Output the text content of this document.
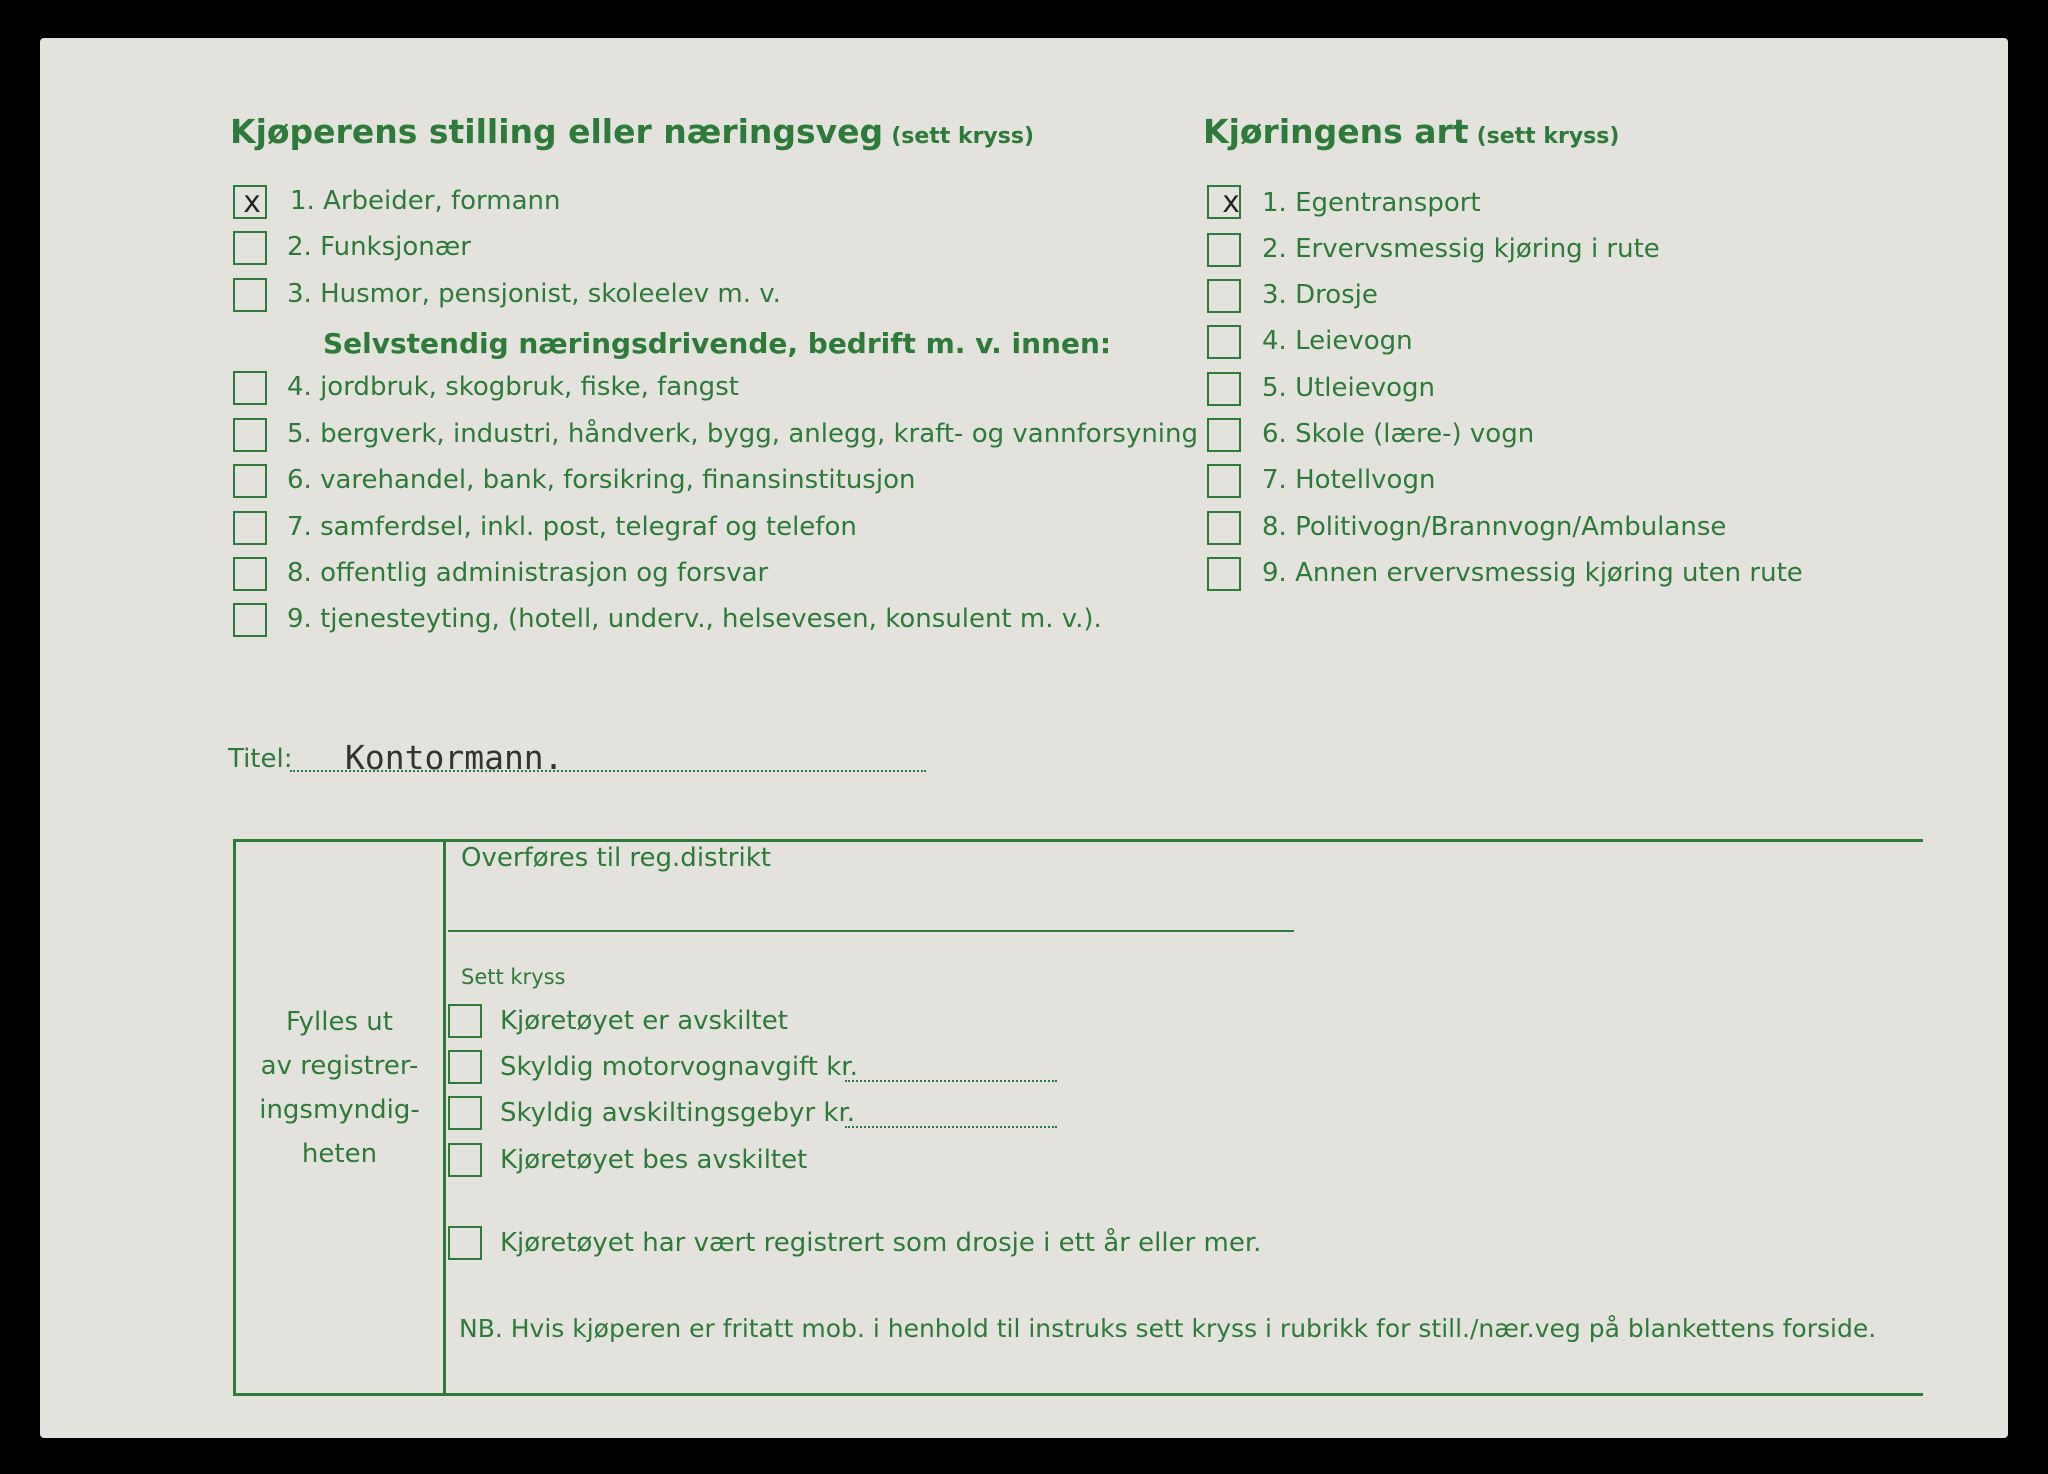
Kjøperens stilling eller næringsveg (sett kryss)	Kjøringens art (sett kryss)
x 1. Arbeider, formann
2. Funksjonær
3. Husmor, pensjonist, skoleelev m. v.
Selvstendig næringsdrivende, bedrift m. v. innen:
4. jordbruk, skogbruk, fiske, fangst
5. bergverk, industri, håndverk, bygg, anlegg, kraft- og vannforsyning
6. varehandel, bank, forsikring, finansinstitusjon
7. samferdsel, inkl. post, telegraf og telefon
8. offentlig administrasjon og forsvar
9. tjenesteyting, (hotell, underv., helsevesen, konsulent m. v.).
x 1. Egentransport
2. Ervervsmessig kjøring i rute
3. Drosje
4. Leievogn
5. Utleievogn
6. Skole (lære-) vogn
7. Hotellvogn
8. Politivogn/Brannvogn/Ambulanse
9. Annen ervervsmessig kjøring uten rute
Titel: Kontormann.
Fylles ut
av registrer-
ingsmyndig-
heten
Overføres til reg.distrikt
Sett kryss
Kjøretøyet er avskiltet
Skyldig motorvognavgift kr.
Skyldig avskiltingsgebyr kr.
Kjøretøyet bes avskiltet
Kjøretøyet har vært registrert som drosje i ett år eller mer.
NB. Hvis kjøperen er fritatt mob. i henhold til instruks sett kryss i rubrikk for still./nær.veg på blankettens forside.
